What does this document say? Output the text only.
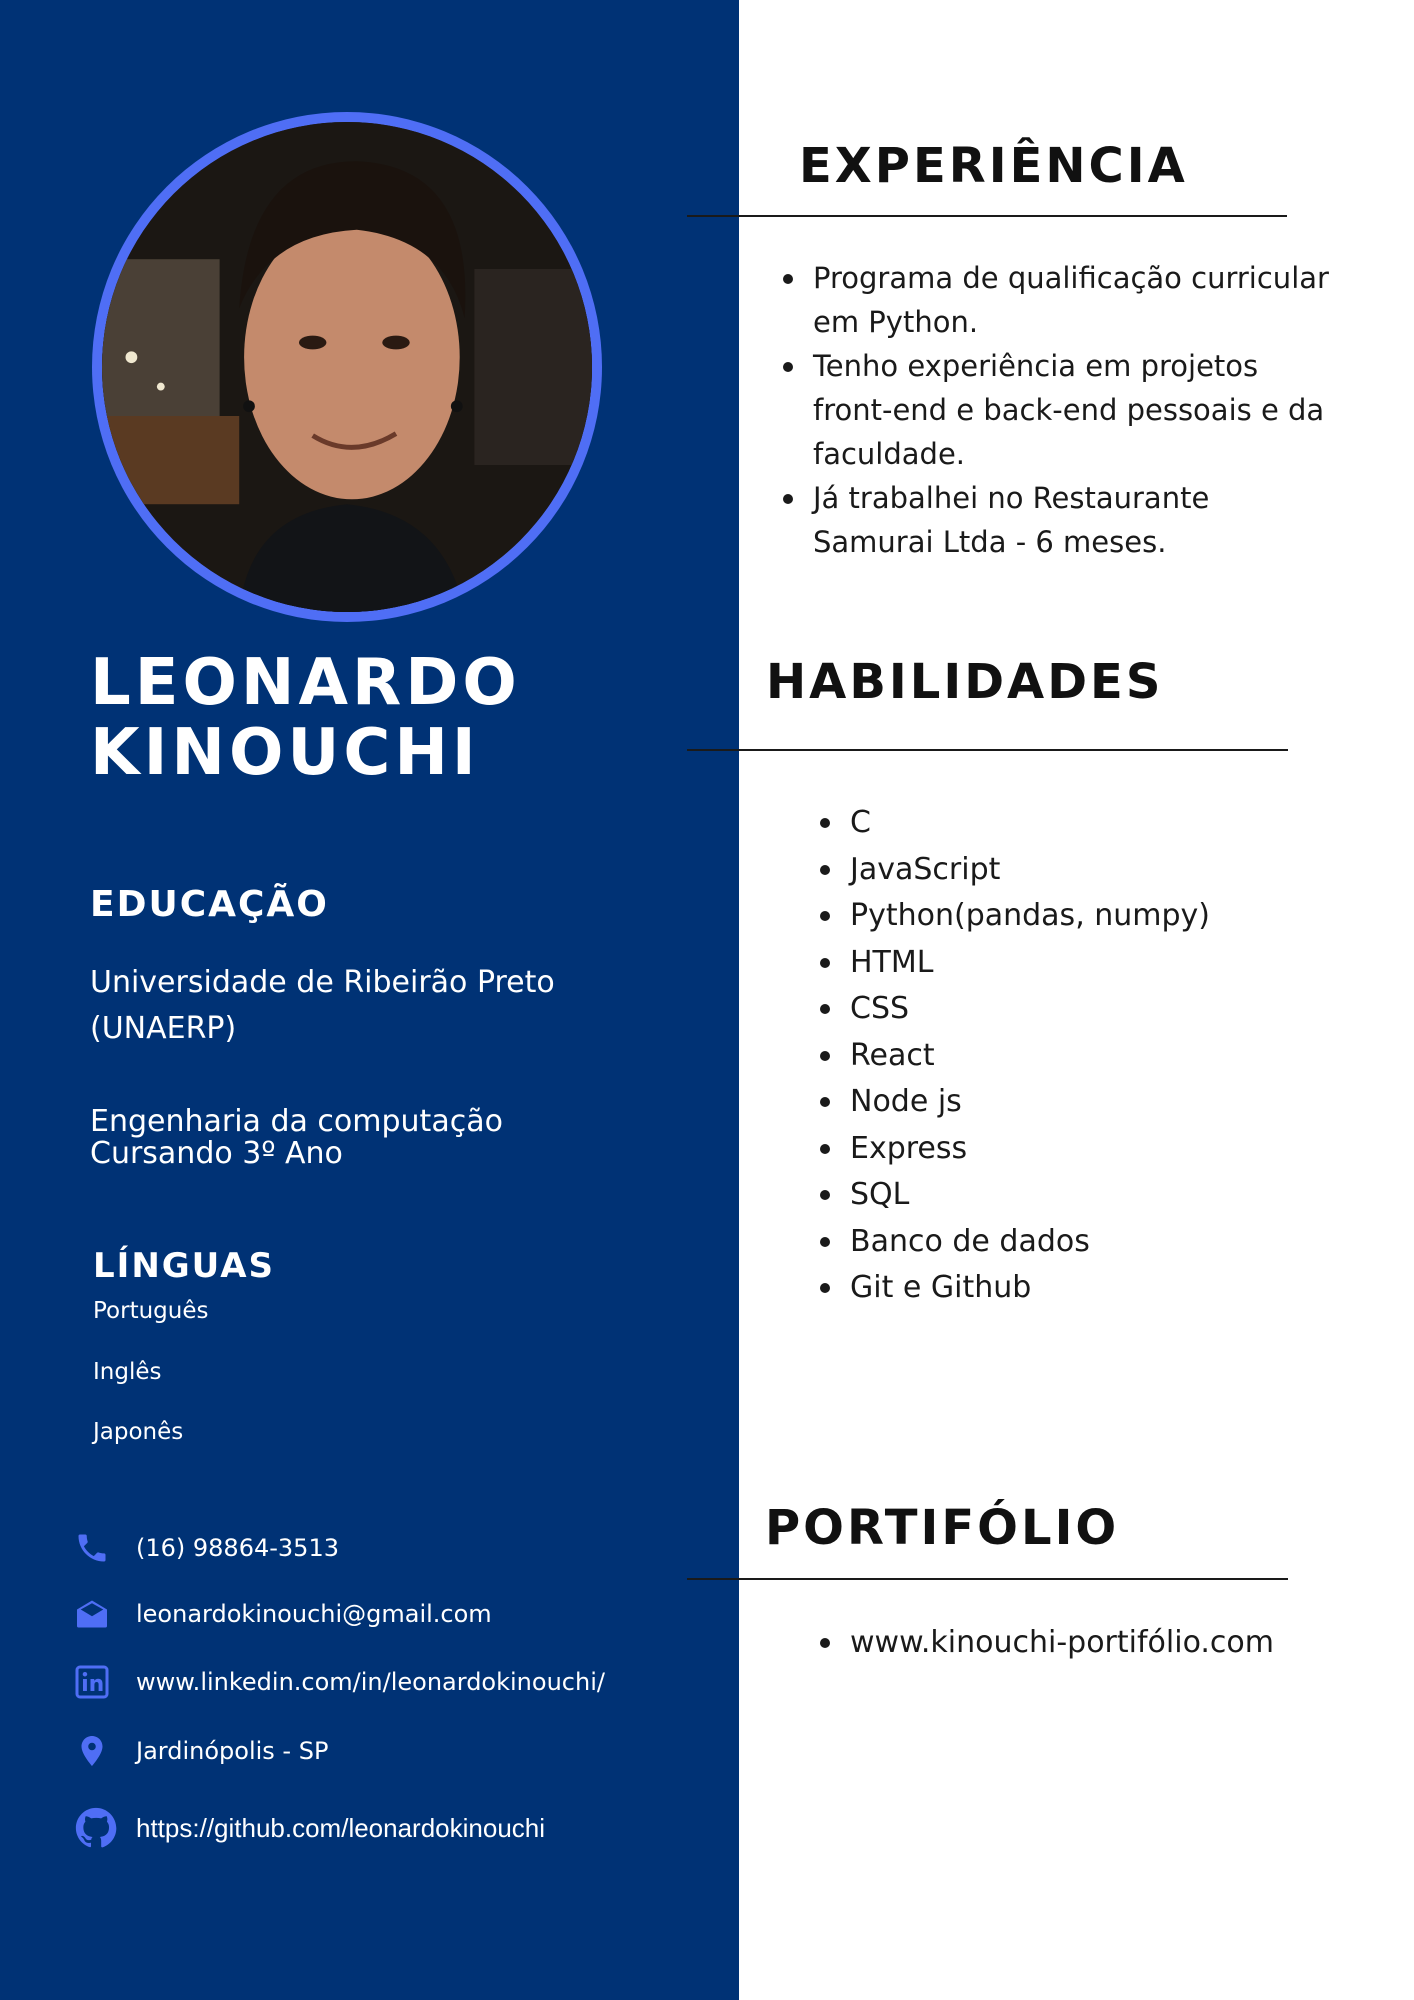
LEONARDO
KINOUCHI
EDUCAÇÃO
Universidade de Ribeirão Preto
(UNAERP)
Engenharia da computação
Cursando 3º Ano
LÍNGUAS
Português
Inglês
Japonês
(16) 98864-3513
leonardokinouchi@gmail.com
www.linkedin.com/in/leonardokinouchi/
Jardinópolis - SP
https://github.com/leonardokinouchi
EXPERIÊNCIA
Programa de qualificação curricular em Python.
Tenho experiência em projetos front-end e back-end pessoais e da faculdade.
Já trabalhei no Restaurante Samurai Ltda - 6 meses.
HABILIDADES
C
JavaScript
Python(pandas, numpy)
HTML
CSS
React
Node js
Express
SQL
Banco de dados
Git e Github
PORTIFÓLIO
www.kinouchi-portifólio.com
